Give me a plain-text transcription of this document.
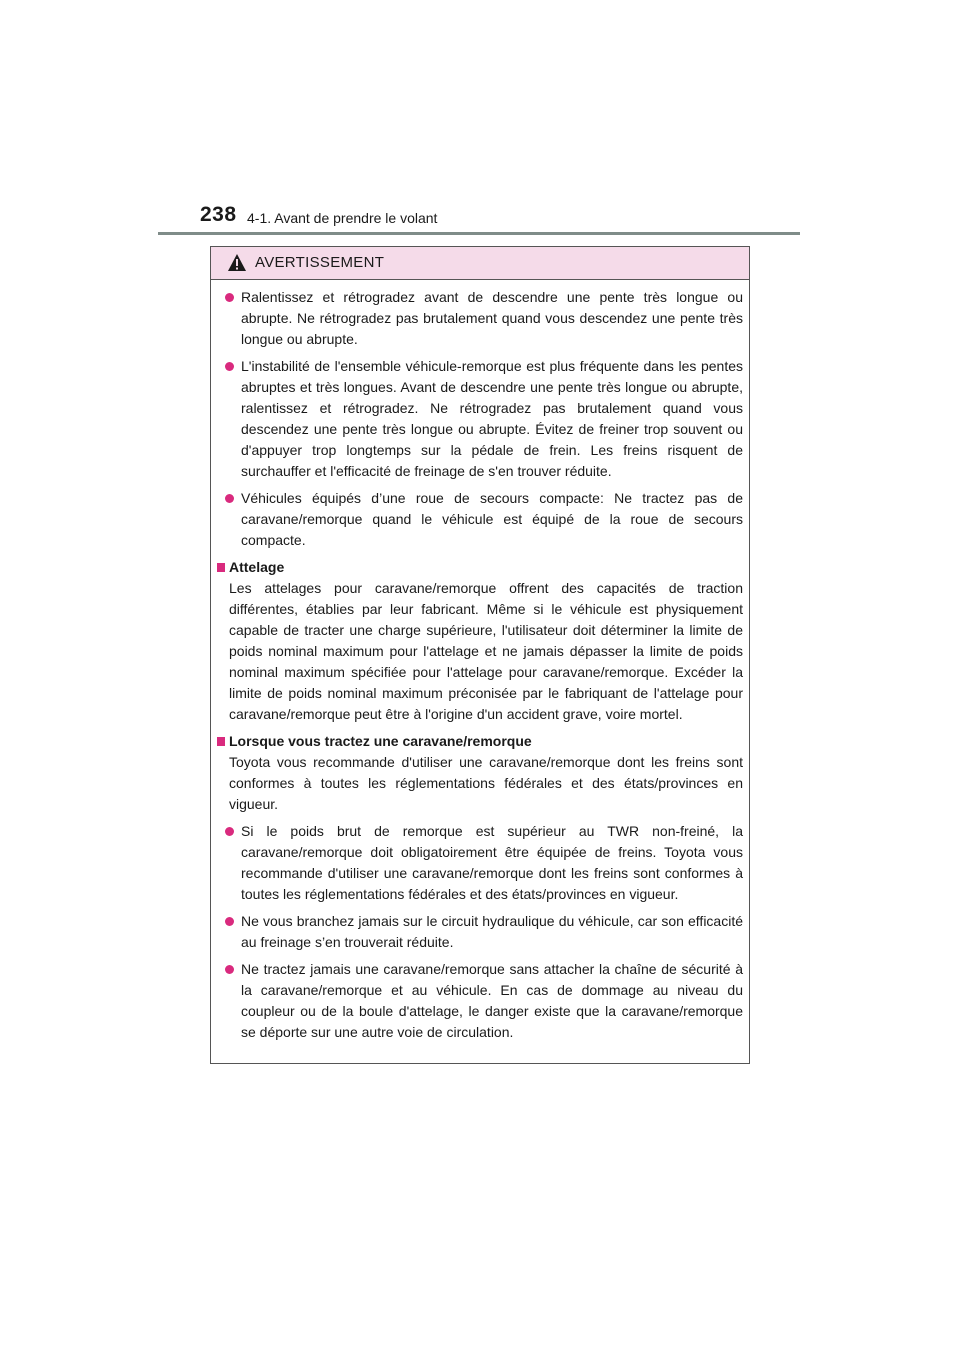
238 4-1. Avant de prendre le volant
AVERTISSEMENT
Ralentissez et rétrogradez avant de descendre une pente très longue ou abrupte. Ne rétrogradez pas brutalement quand vous descendez une pente très longue ou abrupte.
L'instabilité de l'ensemble véhicule-remorque est plus fréquente dans les pentes abruptes et très longues. Avant de descendre une pente très longue ou abrupte, ralentissez et rétrogradez. Ne rétrogradez pas brutalement quand vous descendez une pente très longue ou abrupte. Évitez de freiner trop souvent ou d'appuyer trop longtemps sur la pédale de frein. Les freins risquent de surchauffer et l'efficacité de freinage de s'en trouver réduite.
Véhicules équipés d’une roue de secours compacte: Ne tractez pas de caravane/remorque quand le véhicule est équipé de la roue de secours compacte.
Attelage
Les attelages pour caravane/remorque offrent des capacités de traction différentes, établies par leur fabricant. Même si le véhicule est physiquement capable de tracter une charge supérieure, l'utilisateur doit déterminer la limite de poids nominal maximum pour l'attelage et ne jamais dépasser la limite de poids nominal maximum spécifiée pour l'attelage pour caravane/remorque. Excéder la limite de poids nominal maximum préconisée par le fabriquant de l'attelage pour caravane/remorque peut être à l'origine d'un accident grave, voire mortel.
Lorsque vous tractez une caravane/remorque
Toyota vous recommande d'utiliser une caravane/remorque dont les freins sont conformes à toutes les réglementations fédérales et des états/provinces en vigueur.
Si le poids brut de remorque est supérieur au TWR non-freiné, la caravane/remorque doit obligatoirement être équipée de freins. Toyota vous recommande d'utiliser une caravane/remorque dont les freins sont conformes à toutes les réglementations fédérales et des états/provinces en vigueur.
Ne vous branchez jamais sur le circuit hydraulique du véhicule, car son efficacité au freinage s’en trouverait réduite.
Ne tractez jamais une caravane/remorque sans attacher la chaîne de sécurité à la caravane/remorque et au véhicule. En cas de dommage au niveau du coupleur ou de la boule d'attelage, le danger existe que la caravane/remorque se déporte sur une autre voie de circulation.
